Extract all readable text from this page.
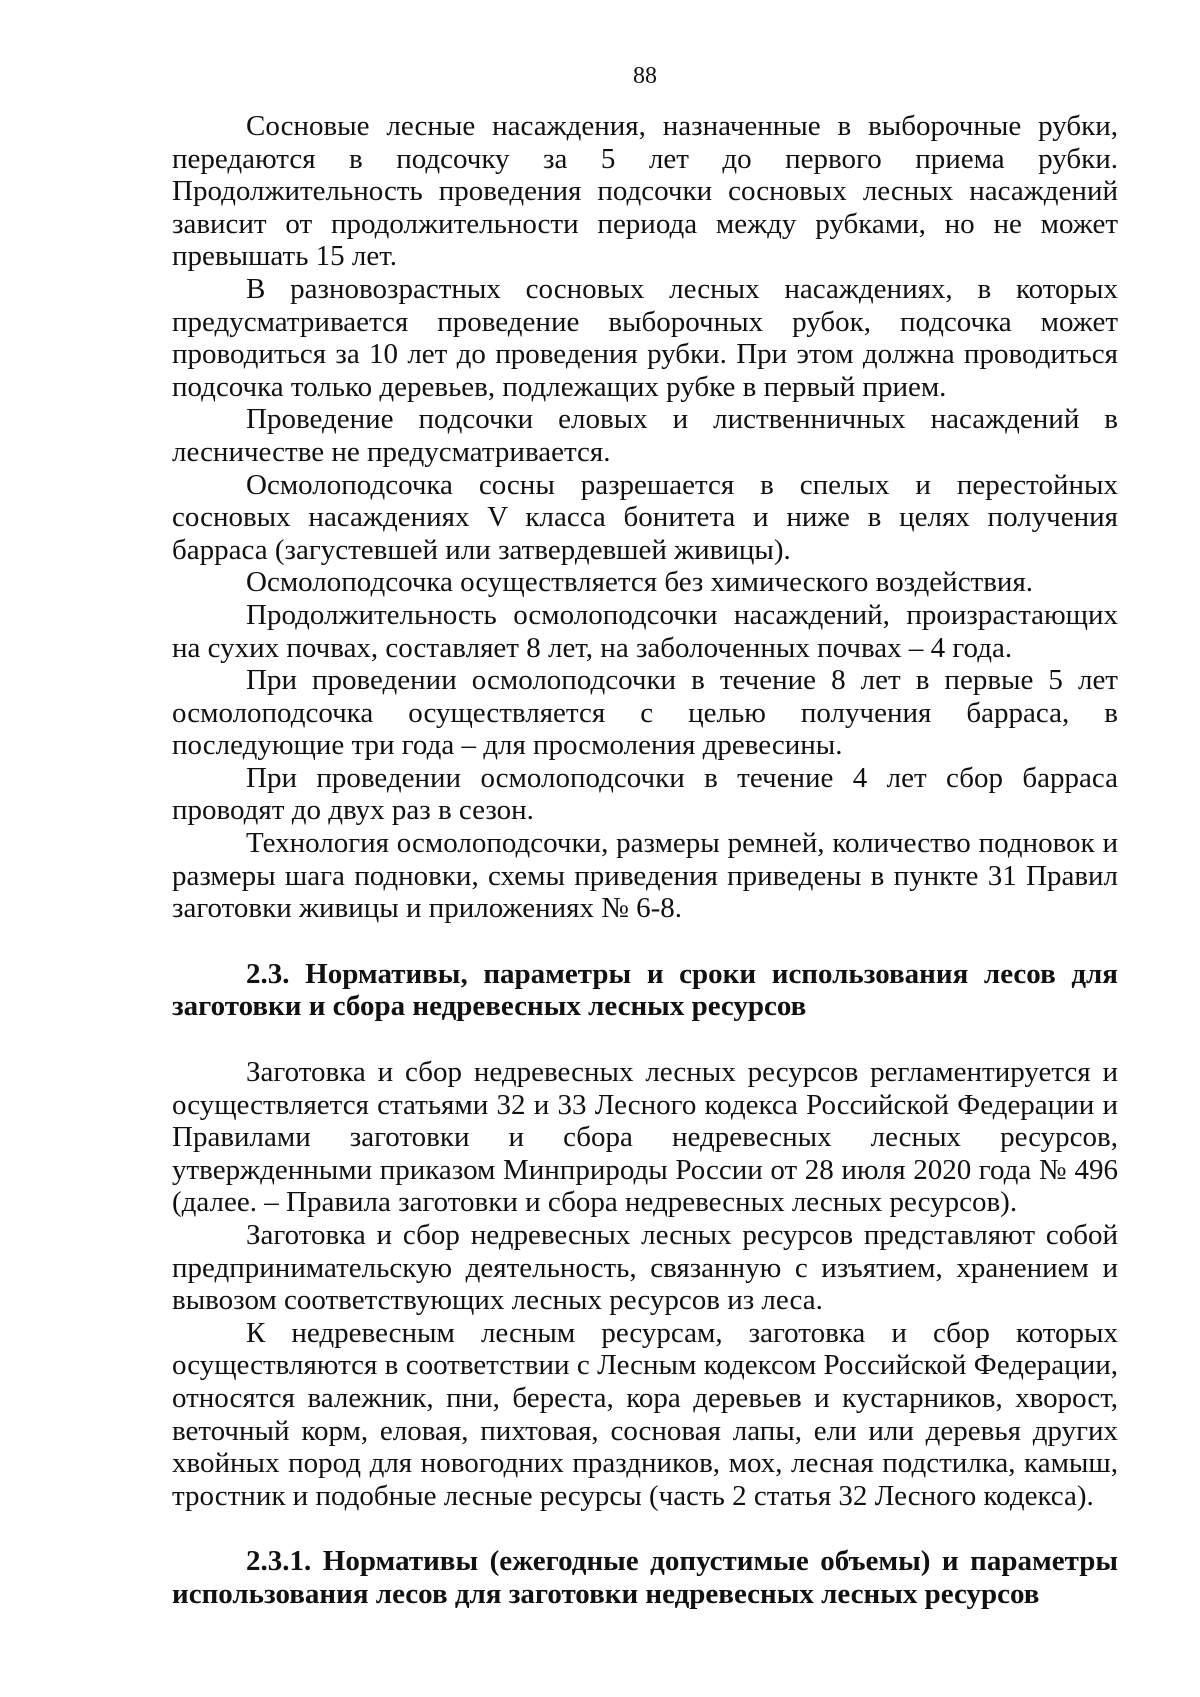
88

Сосновые лесные насаждения, назначенные в выборочные рубки, передаются в подсочку за 5 лет до первого приема рубки. Продолжительность проведения подсочки сосновых лесных насаждений зависит от продолжительности периода между рубками, но не может превышать 15 лет.

В разновозрастных сосновых лесных насаждениях, в которых предусматривается проведение выборочных рубок, подсочка может проводиться за 10 лет до проведения рубки. При этом должна проводиться подсочка только деревьев, подлежащих рубке в первый прием.

Проведение подсочки еловых и лиственничных насаждений в лесничестве не предусматривается.

Осмолоподсочка сосны разрешается в спелых и перестойных сосновых насаждениях V класса бонитета и ниже в целях получения барраса (загустевшей или затвердевшей живицы).

Осмолоподсочка осуществляется без химического воздействия.

Продолжительность осмолоподсочки насаждений, произрастающих на сухих почвах, составляет 8 лет, на заболоченных почвах – 4 года.

При проведении осмолоподсочки в течение 8 лет в первые 5 лет осмолоподсочка осуществляется с целью получения барраса, в последующие три года – для просмоления древесины.

При проведении осмолоподсочки в течение 4 лет сбор барраса проводят до двух раз в сезон.

Технология осмолоподсочки, размеры ремней, количество подновок и размеры шага подновки, схемы приведения приведены в пункте 31 Правил заготовки живицы и приложениях № 6-8.

2.3. Нормативы, параметры и сроки использования лесов для заготовки и сбора недревесных лесных ресурсов

Заготовка и сбор недревесных лесных ресурсов регламентируется и осуществляется статьями 32 и 33 Лесного кодекса Российской Федерации и Правилами заготовки и сбора недревесных лесных ресурсов, утвержденными приказом Минприроды России от 28 июля 2020 года № 496 (далее. – Правила заготовки и сбора недревесных лесных ресурсов).

Заготовка и сбор недревесных лесных ресурсов представляют собой предпринимательскую деятельность, связанную с изъятием, хранением и вывозом соответствующих лесных ресурсов из леса.

К недревесным лесным ресурсам, заготовка и сбор которых осуществляются в соответствии с Лесным кодексом Российской Федерации, относятся валежник, пни, береста, кора деревьев и кустарников, хворост, веточный корм, еловая, пихтовая, сосновая лапы, ели или деревья других хвойных пород для новогодних праздников, мох, лесная подстилка, камыш, тростник и подобные лесные ресурсы (часть 2 статья 32 Лесного кодекса).

2.3.1. Нормативы (ежегодные допустимые объемы) и параметры использования лесов для заготовки недревесных лесных ресурсов
